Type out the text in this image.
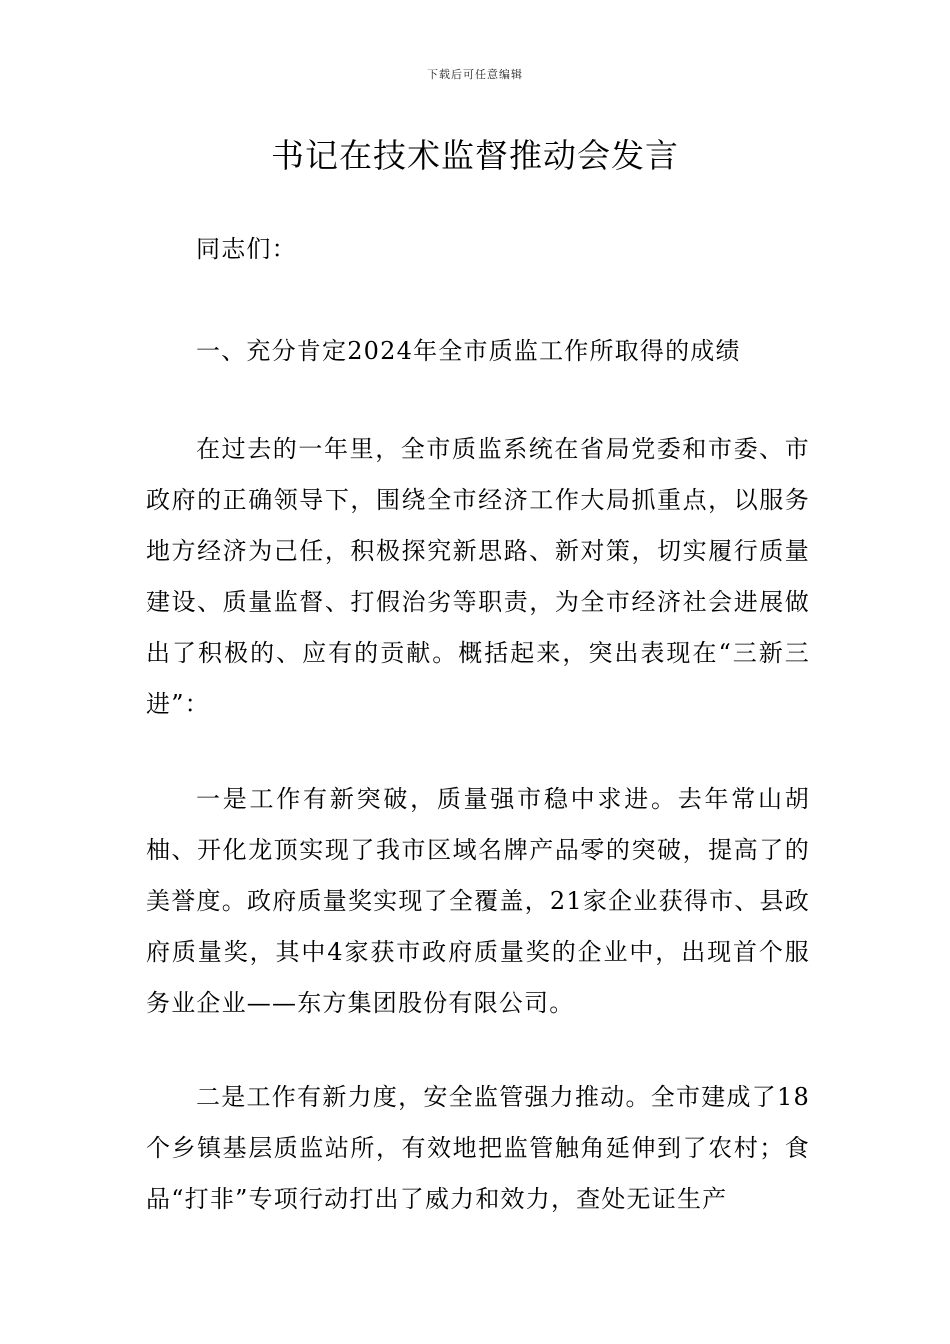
下载后可任意编辑
书记在技术监督推动会发言

同志们：

一、充分肯定2024年全市质监工作所取得的成绩

在过去的一年里，全市质监系统在省局党委和市委、市政府的正确领导下，围绕全市经济工作大局抓重点，以服务地方经济为己任，积极探究新思路、新对策，切实履行质量建设、质量监督、打假治劣等职责，为全市经济社会进展做出了积极的、应有的贡献。概括起来，突出表现在“三新三进”：

一是工作有新突破，质量强市稳中求进。去年常山胡柚、开化龙顶实现了我市区域名牌产品零的突破，提高了的美誉度。政府质量奖实现了全覆盖，21家企业获得市、县政府质量奖，其中4家获市政府质量奖的企业中，出现首个服务业企业——东方集团股份有限公司。

二是工作有新力度，安全监管强力推动。全市建成了18个乡镇基层质监站所，有效地把监管触角延伸到了农村；食品“打非”专项行动打出了威力和效力，查处无证生产
